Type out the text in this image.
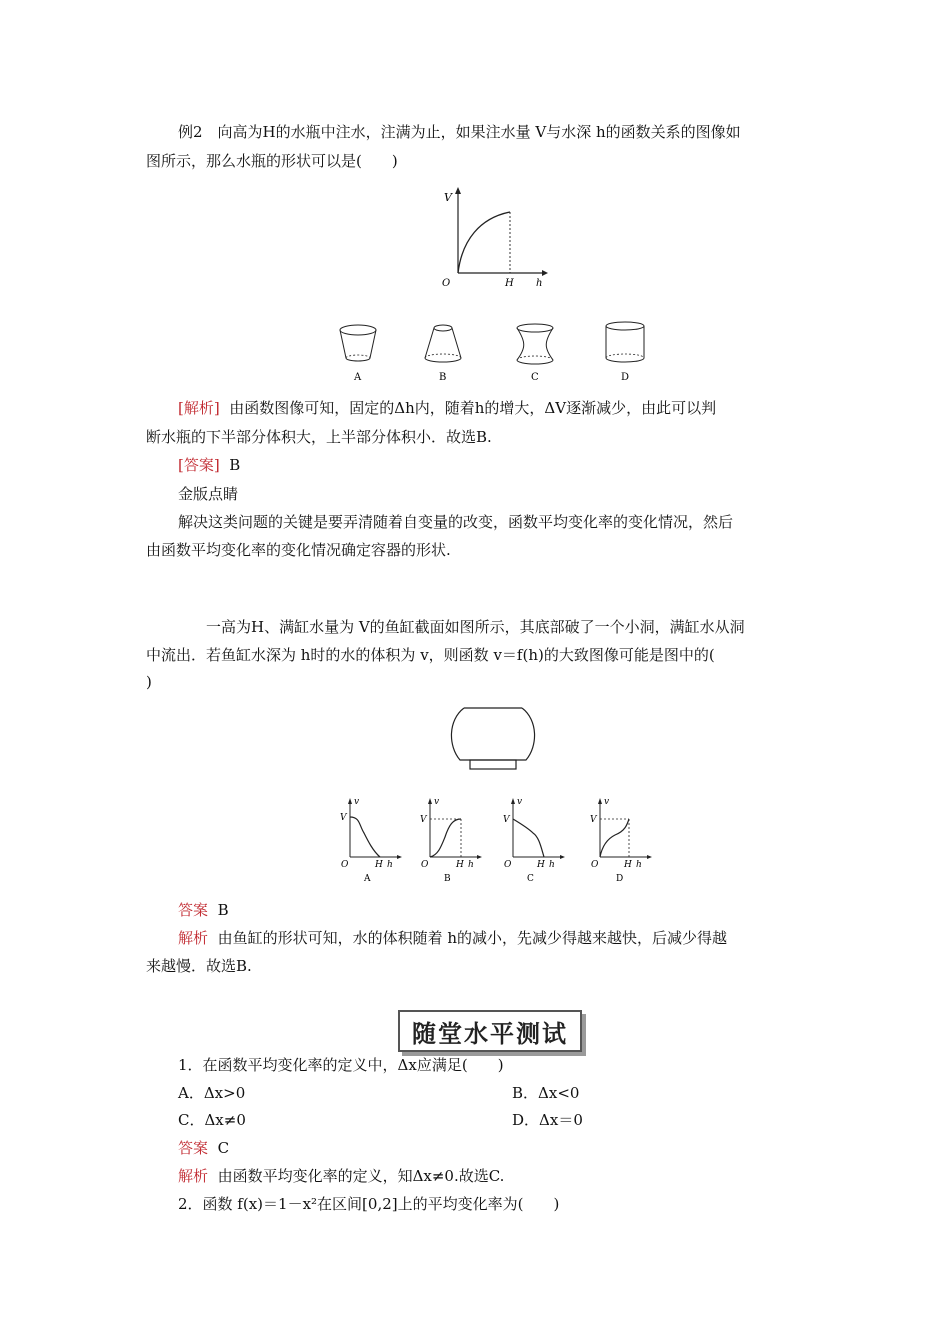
例2　向高为H的水瓶中注水，注满为止，如果注水量 V与水深 h的函数关系的图像如
图所示，那么水瓶的形状可以是(　　)
V
O	H h
A	B	C	D
[解析] 由函数图像可知，固定的Δh内，随着h的增大，ΔV逐渐减少，由此可以判
断水瓶的下半部分体积大，上半部分体积小．故选B.
[答案] B
金版点睛
解决这类问题的关键是要弄清随着自变量的改变，函数平均变化率的变化情况，然后
由函数平均变化率的变化情况确定容器的形状.
一高为H、满缸水量为 V的鱼缸截面如图所示，其底部破了一个小洞，满缸水从洞
中流出．若鱼缸水深为 h时的水的体积为 v，则函数 v＝f(h)的大致图像可能是图中的(
)
v
V
O	H h
A
v
V
O	H h
B
v
V
O	H h
C
v
V
O	H h
D
答案 B
解析 由鱼缸的形状可知，水的体积随着 h的减小，先减少得越来越快，后减少得越
来越慢．故选B.
随堂水平测试
1．在函数平均变化率的定义中，Δx应满足(　　)
A．Δx>0	B．Δx<0
C．Δx≠0	D．Δx＝0
答案 C
解析 由函数平均变化率的定义，知Δx≠0.故选C.
2．函数 f(x)＝1－x²在区间[0,2]上的平均变化率为(　　)
